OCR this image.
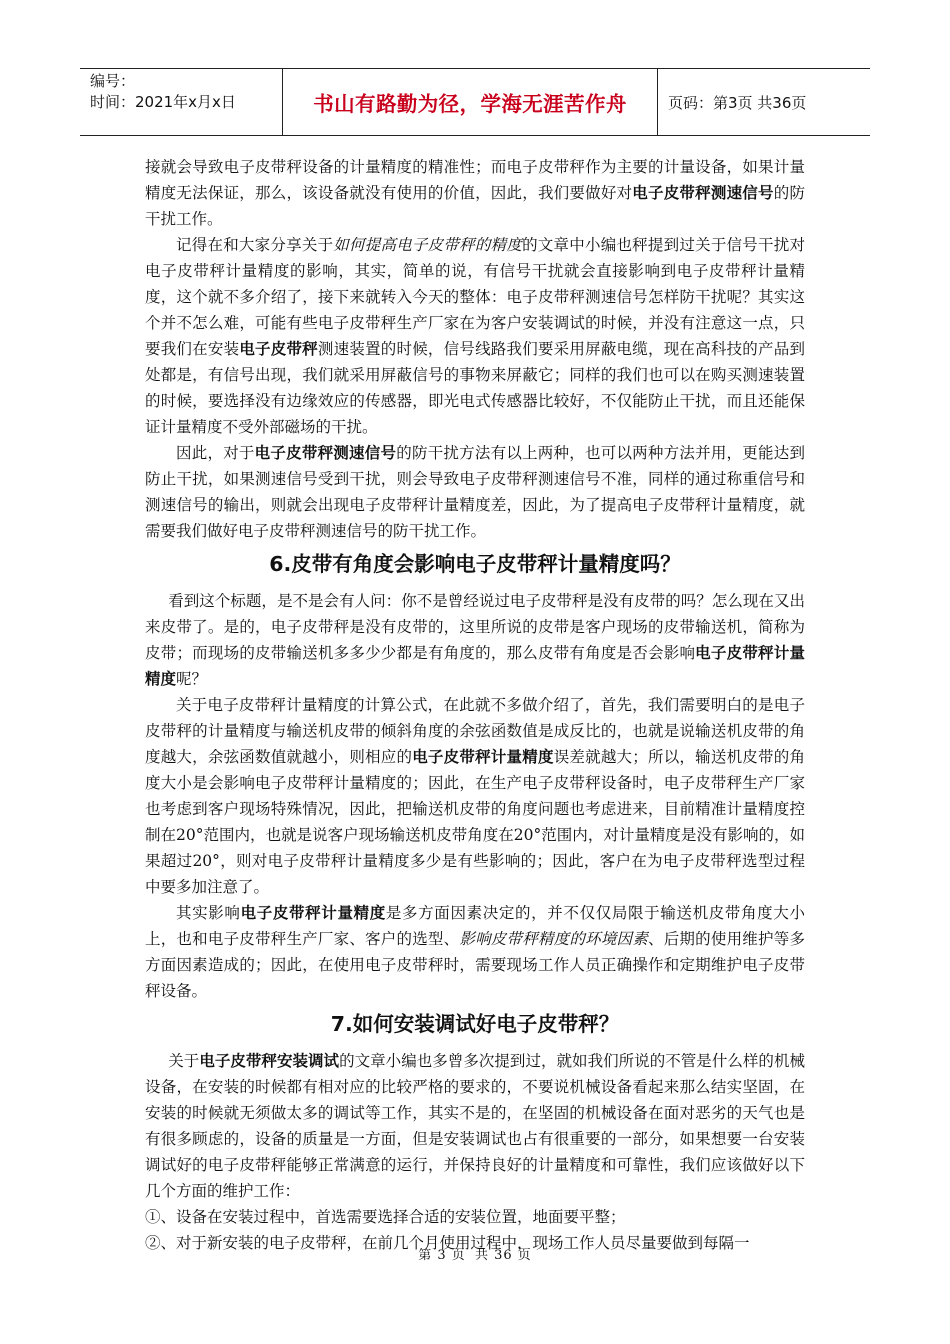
编号：
时间：2021年x月x日	书山有路勤为径，学海无涯苦作舟	页码：第3页 共36页

接就会导致电子皮带秤设备的计量精度的精准性；而电子皮带秤作为主要的计量设备，如果计量精度无法保证，那么，该设备就没有使用的价值，因此，我们要做好对电子皮带秤测速信号的防干扰工作。

记得在和大家分享关于如何提高电子皮带秤的精度的文章中小编也秤提到过关于信号干扰对电子皮带秤计量精度的影响，其实，简单的说，有信号干扰就会直接影响到电子皮带秤计量精度，这个就不多介绍了，接下来就转入今天的整体：电子皮带秤测速信号怎样防干扰呢？其实这个并不怎么难，可能有些电子皮带秤生产厂家在为客户安装调试的时候，并没有注意这一点，只要我们在安装电子皮带秤测速装置的时候，信号线路我们要采用屏蔽电缆，现在高科技的产品到处都是，有信号出现，我们就采用屏蔽信号的事物来屏蔽它；同样的我们也可以在购买测速装置的时候，要选择没有边缘效应的传感器，即光电式传感器比较好，不仅能防止干扰，而且还能保证计量精度不受外部磁场的干扰。

因此，对于电子皮带秤测速信号的防干扰方法有以上两种，也可以两种方法并用，更能达到防止干扰，如果测速信号受到干扰，则会导致电子皮带秤测速信号不准，同样的通过称重信号和测速信号的输出，则就会出现电子皮带秤计量精度差，因此，为了提高电子皮带秤计量精度，就需要我们做好电子皮带秤测速信号的防干扰工作。

6.皮带有角度会影响电子皮带秤计量精度吗？

看到这个标题，是不是会有人问：你不是曾经说过电子皮带秤是没有皮带的吗？怎么现在又出来皮带了。是的，电子皮带秤是没有皮带的，这里所说的皮带是客户现场的皮带输送机，简称为皮带；而现场的皮带输送机多多少少都是有角度的，那么皮带有角度是否会影响电子皮带秤计量精度呢？

关于电子皮带秤计量精度的计算公式，在此就不多做介绍了，首先，我们需要明白的是电子皮带秤的计量精度与输送机皮带的倾斜角度的余弦函数值是成反比的，也就是说输送机皮带的角度越大，余弦函数值就越小，则相应的电子皮带秤计量精度误差就越大；所以，输送机皮带的角度大小是会影响电子皮带秤计量精度的；因此，在生产电子皮带秤设备时，电子皮带秤生产厂家也考虑到客户现场特殊情况，因此，把输送机皮带的角度问题也考虑进来，目前精准计量精度控制在20°范围内，也就是说客户现场输送机皮带角度在20°范围内，对计量精度是没有影响的，如果超过20°，则对电子皮带秤计量精度多少是有些影响的；因此，客户在为电子皮带秤选型过程中要多加注意了。

其实影响电子皮带秤计量精度是多方面因素决定的，并不仅仅局限于输送机皮带角度大小上，也和电子皮带秤生产厂家、客户的选型、影响皮带秤精度的环境因素、后期的使用维护等多方面因素造成的；因此，在使用电子皮带秤时，需要现场工作人员正确操作和定期维护电子皮带秤设备。

7.如何安装调试好电子皮带秤？

关于电子皮带秤安装调试的文章小编也多曾多次提到过，就如我们所说的不管是什么样的机械设备，在安装的时候都有相对应的比较严格的要求的，不要说机械设备看起来那么结实坚固，在安装的时候就无须做太多的调试等工作，其实不是的，在坚固的机械设备在面对恶劣的天气也是有很多顾虑的，设备的质量是一方面，但是安装调试也占有很重要的一部分，如果想要一台安装调试好的电子皮带秤能够正常满意的运行，并保持良好的计量精度和可靠性，我们应该做好以下几个方面的维护工作：

①、设备在安装过程中，首选需要选择合适的安装位置，地面要平整；

②、对于新安装的电子皮带秤，在前几个月使用过程中，现场工作人员尽量要做到每隔一

第 3 页 共 36 页
